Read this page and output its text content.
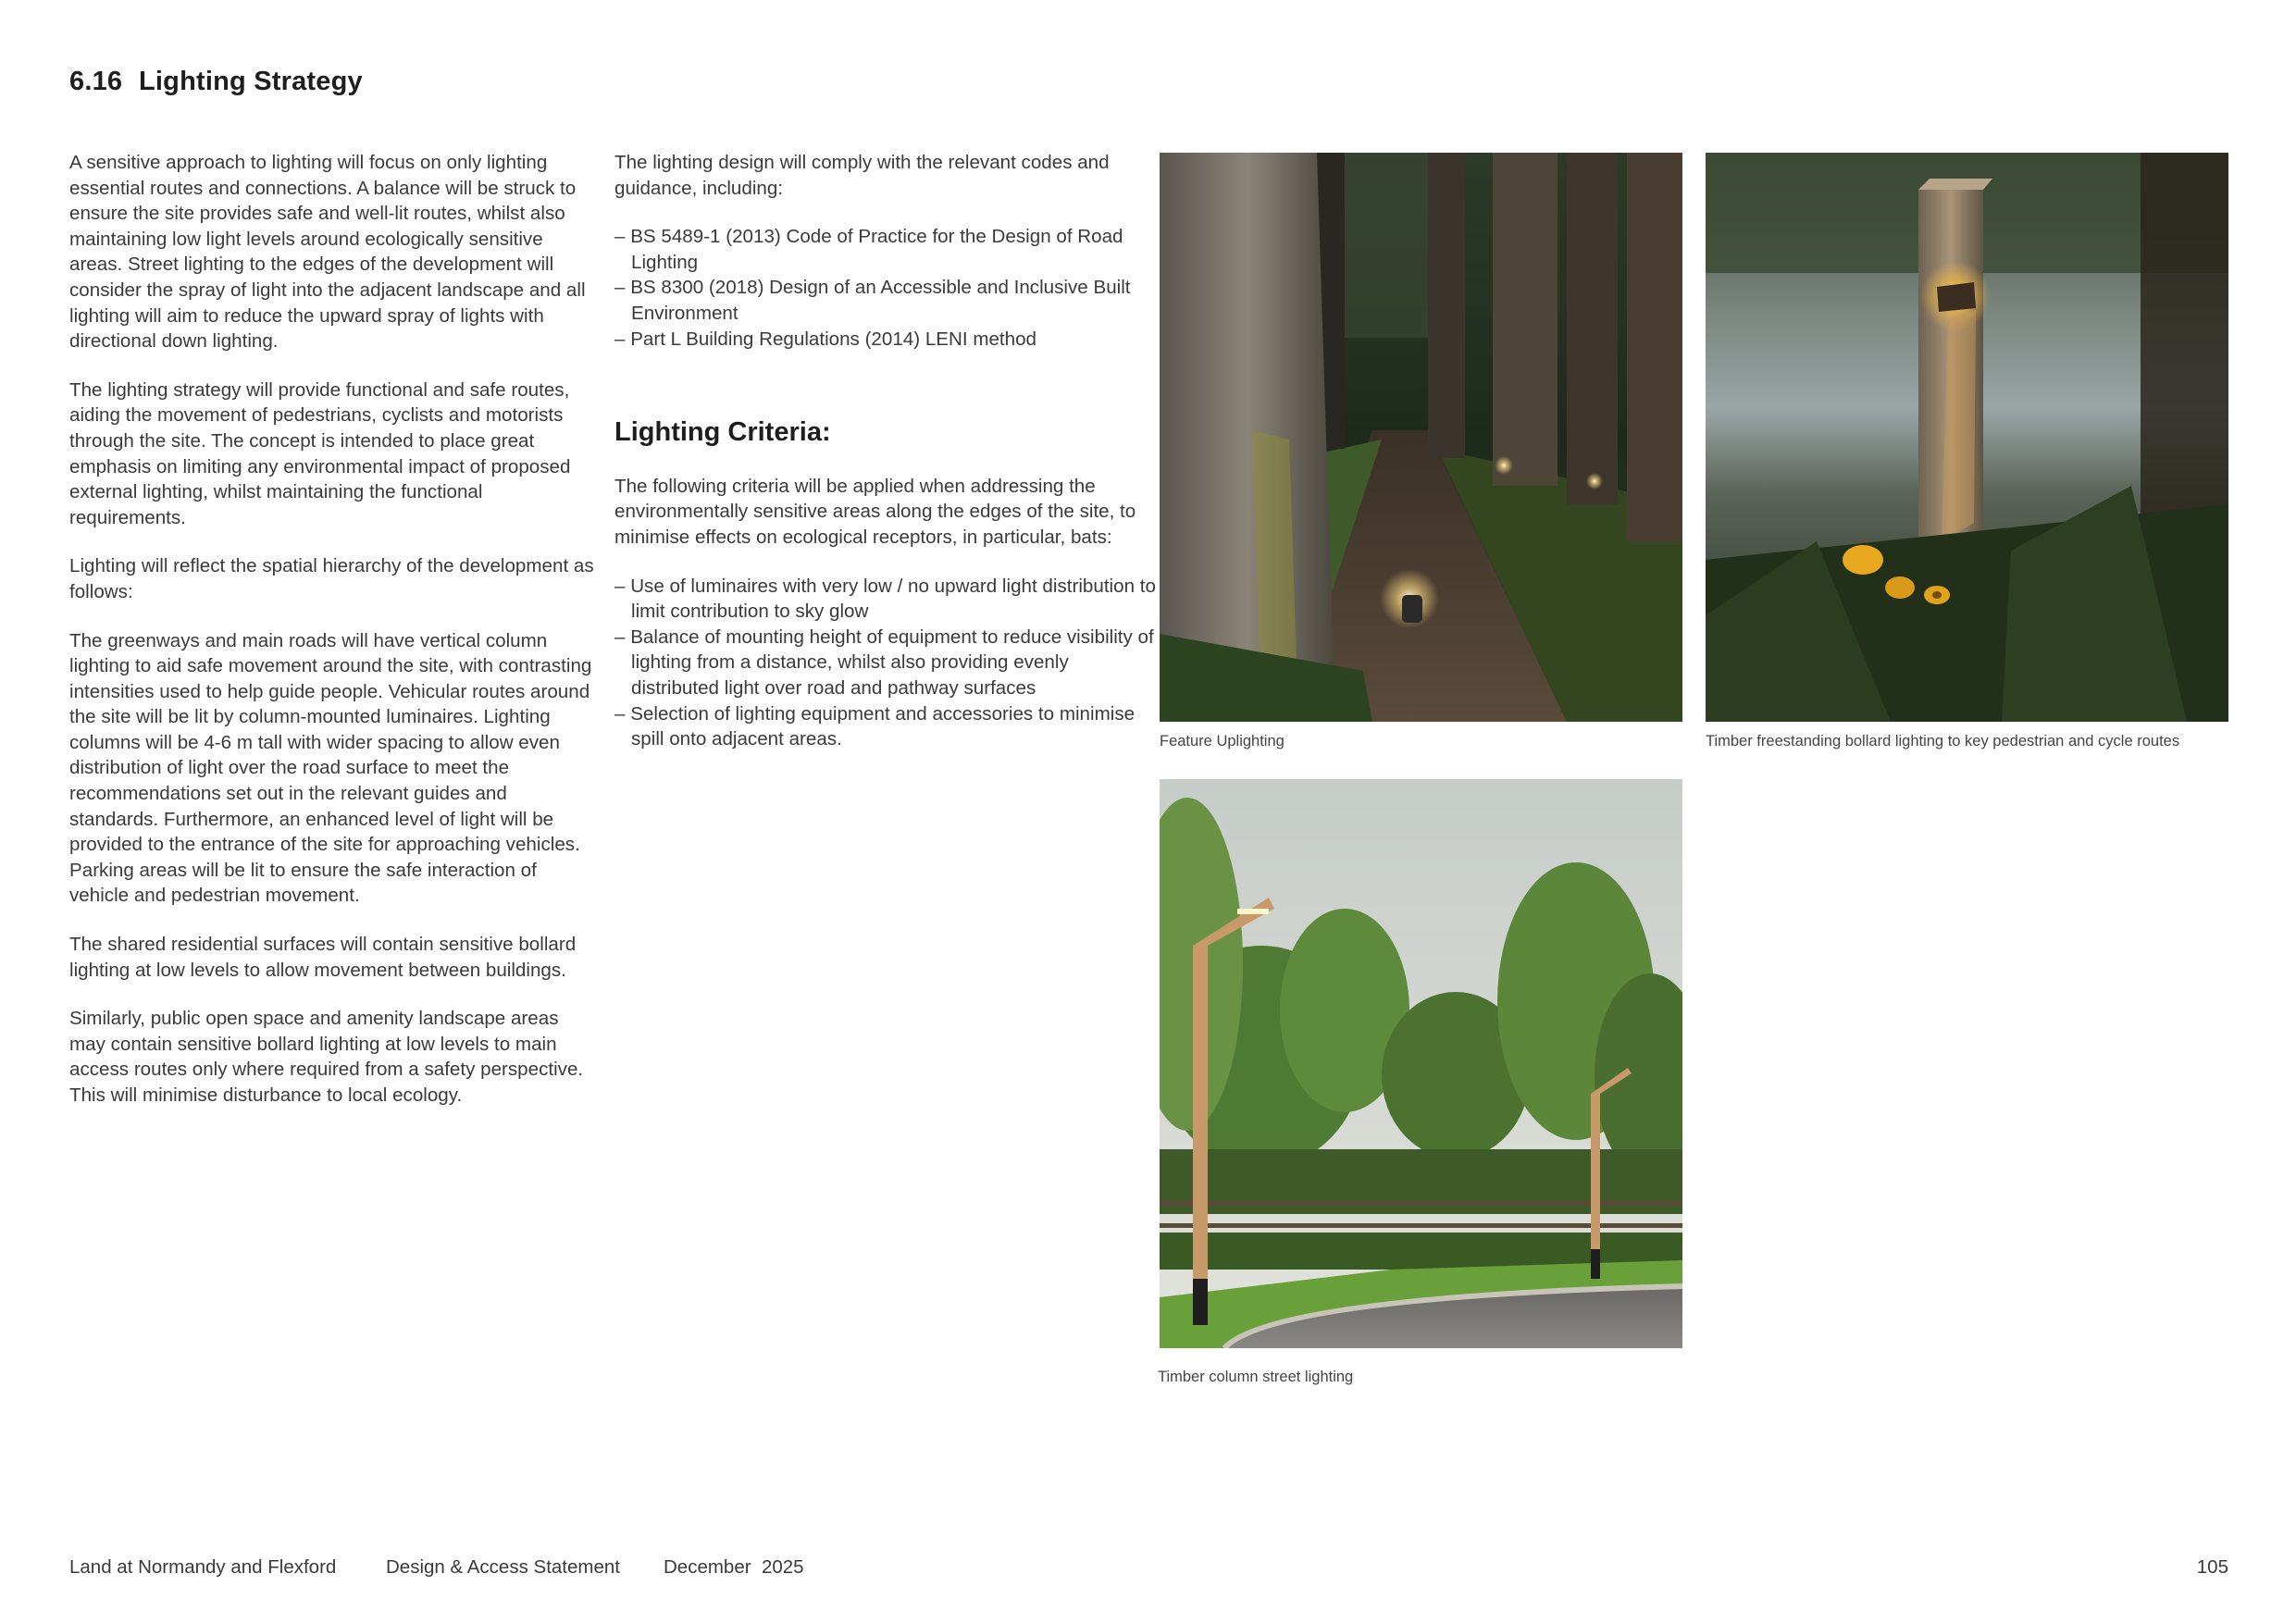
6.16 Lighting Strategy

A sensitive approach to lighting will focus on only lighting essential routes and connections. A balance will be struck to ensure the site provides safe and well-lit routes, whilst also maintaining low light levels around ecologically sensitive areas. Street lighting to the edges of the development will consider the spray of light into the adjacent landscape and all lighting will aim to reduce the upward spray of lights with directional down lighting.

The lighting strategy will provide functional and safe routes, aiding the movement of pedestrians, cyclists and motorists through the site. The concept is intended to place great emphasis on limiting any environmental impact of proposed external lighting, whilst maintaining the functional requirements.

Lighting will reflect the spatial hierarchy of the development as follows:

The greenways and main roads will have vertical column lighting to aid safe movement around the site, with contrasting intensities used to help guide people. Vehicular routes around the site will be lit by column-mounted luminaires. Lighting columns will be 4-6 m tall with wider spacing to allow even distribution of light over the road surface to meet the recommendations set out in the relevant guides and standards. Furthermore, an enhanced level of light will be provided to the entrance of the site for approaching vehicles. Parking areas will be lit to ensure the safe interaction of vehicle and pedestrian movement.

The shared residential surfaces will contain sensitive bollard lighting at low levels to allow movement between buildings.

Similarly, public open space and amenity landscape areas may contain sensitive bollard lighting at low levels to main access routes only where required from a safety perspective. This will minimise disturbance to local ecology.

The lighting design will comply with the relevant codes and guidance, including:

– BS 5489-1 (2013) Code of Practice for the Design of Road Lighting
– BS 8300 (2018) Design of an Accessible and Inclusive Built Environment
– Part L Building Regulations (2014) LENI method
Lighting Criteria:

The following criteria will be applied when addressing the environmentally sensitive areas along the edges of the site, to minimise effects on ecological receptors, in particular, bats:

– Use of luminaires with very low / no upward light distribution to limit contribution to sky glow
– Balance of mounting height of equipment to reduce visibility of lighting from a distance, whilst also providing evenly distributed light over road and pathway surfaces
– Selection of lighting equipment and accessories to minimise spill onto adjacent areas.	Feature Uplighting	Timber freestanding bollard lighting to key pedestrian and cycle routes
Timber column street lighting
Land at Normandy and Flexford	Design & Access Statement December  2025	105
